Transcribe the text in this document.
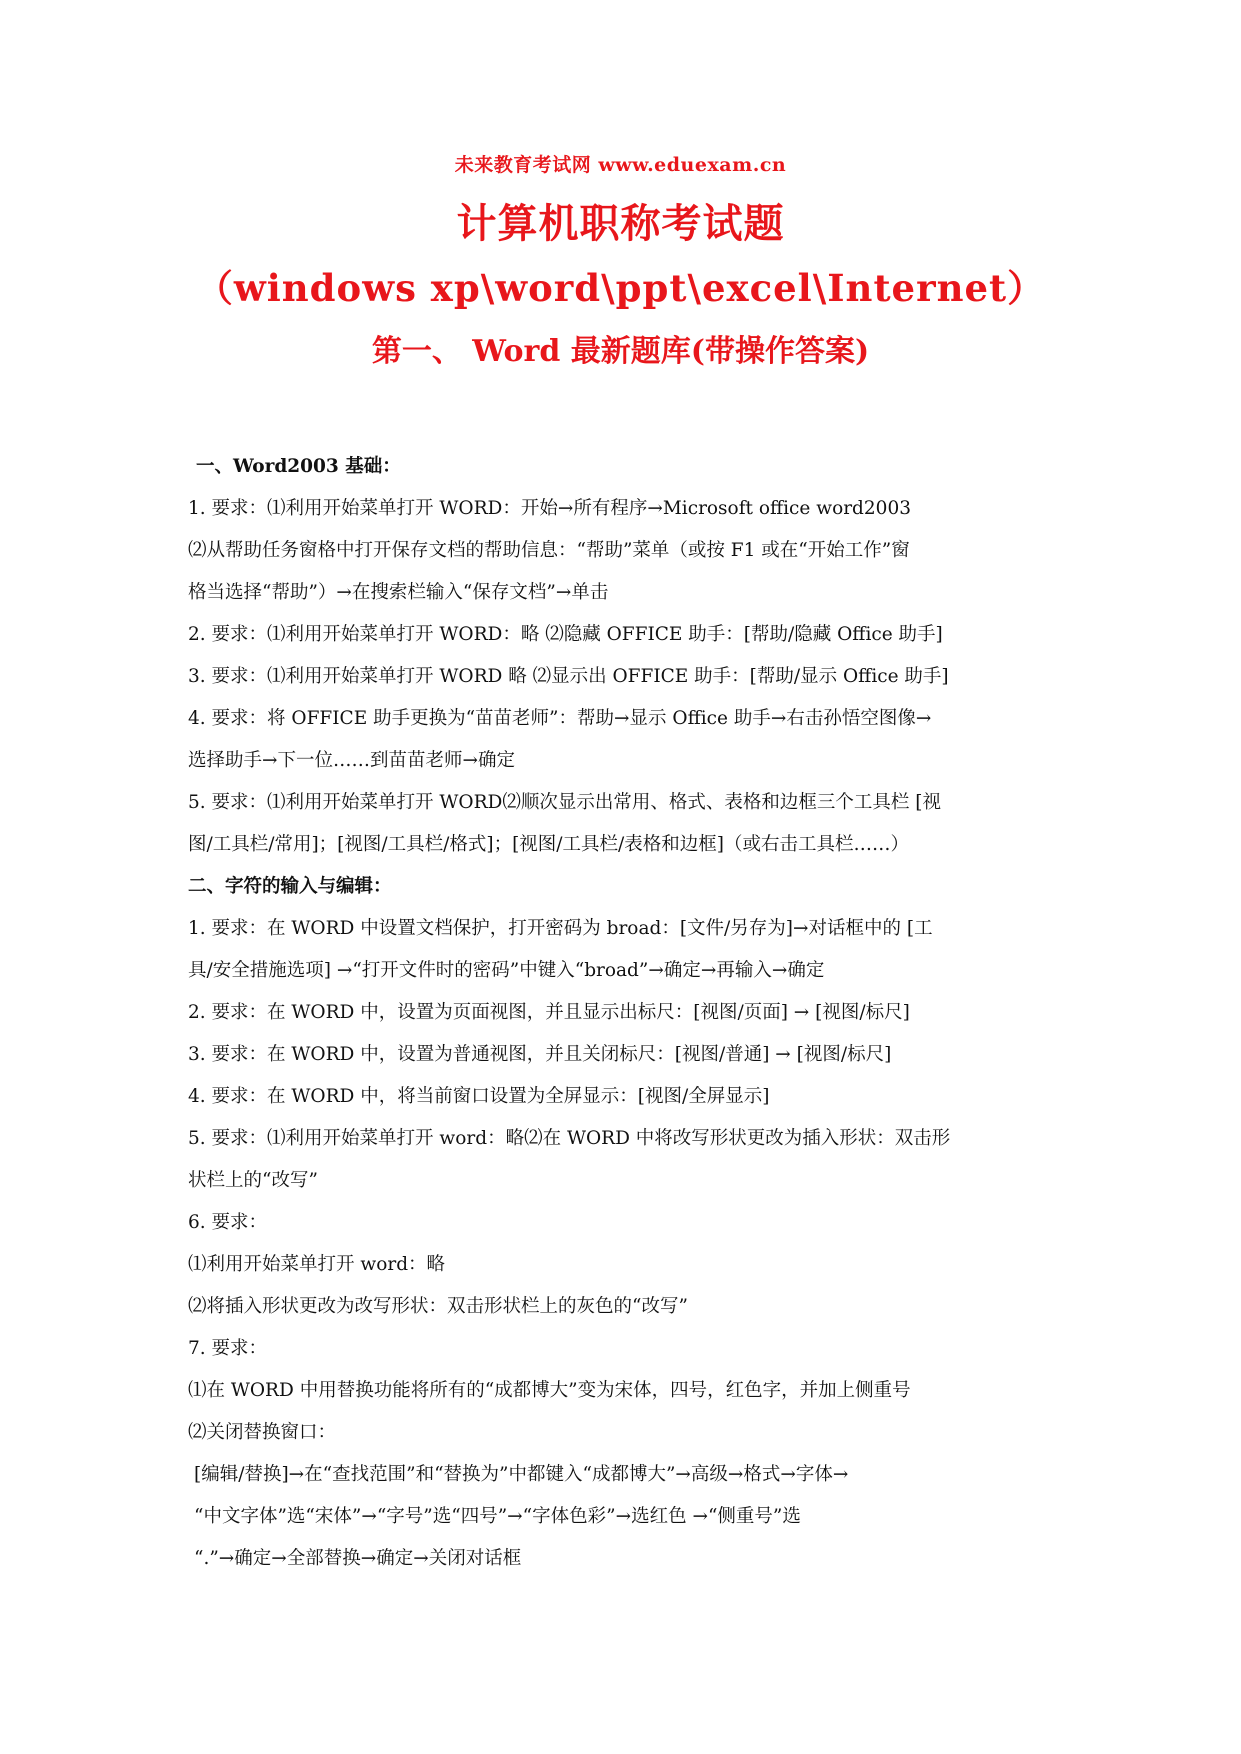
未来教育考试网 www.eduexam.cn
计算机职称考试题
（windows xp\word\ppt\excel\Internet）
第一、 Word 最新题库(带操作答案)

一、Word2003 基础：

1. 要求：⑴利用开始菜单打开 WORD：开始→所有程序→Microsoft office word2003

⑵从帮助任务窗格中打开保存文档的帮助信息：“帮助”菜单（或按 F1 或在“开始工作”窗

格当选择“帮助”）→在搜索栏输入“保存文档”→单击

2. 要求：⑴利用开始菜单打开 WORD：略 ⑵隐藏 OFFICE 助手：[帮助/隐藏 Office 助手]

3. 要求：⑴利用开始菜单打开 WORD 略 ⑵显示出 OFFICE 助手：[帮助/显示 Office 助手]

4. 要求：将 OFFICE 助手更换为“苗苗老师”：帮助→显示 Office 助手→右击孙悟空图像→

选择助手→下一位……到苗苗老师→确定

5. 要求：⑴利用开始菜单打开 WORD⑵顺次显示出常用、格式、表格和边框三个工具栏 [视

图/工具栏/常用]；[视图/工具栏/格式]；[视图/工具栏/表格和边框]（或右击工具栏……）

二、字符的输入与编辑：

1. 要求：在 WORD 中设置文档保护，打开密码为 broad：[文件/另存为]→对话框中的 [工

具/安全措施选项] →“打开文件时的密码”中键入“broad”→确定→再输入→确定

2. 要求：在 WORD 中，设置为页面视图，并且显示出标尺：[视图/页面] → [视图/标尺]

3. 要求：在 WORD 中，设置为普通视图，并且关闭标尺：[视图/普通] → [视图/标尺]

4. 要求：在 WORD 中，将当前窗口设置为全屏显示：[视图/全屏显示]

5. 要求：⑴利用开始菜单打开 word：略⑵在 WORD 中将改写形状更改为插入形状：双击形

状栏上的“改写”

6. 要求：

⑴利用开始菜单打开 word：略

⑵将插入形状更改为改写形状：双击形状栏上的灰色的“改写”

7. 要求：

⑴在 WORD 中用替换功能将所有的“成都博大”变为宋体，四号，红色字，并加上侧重号

⑵关闭替换窗口：

[编辑/替换]→在“查找范围”和“替换为”中都键入“成都博大”→高级→格式→字体→

“中文字体”选“宋体”→“字号”选“四号”→“字体色彩”→选红色 →“侧重号”选

“.”→确定→全部替换→确定→关闭对话框
